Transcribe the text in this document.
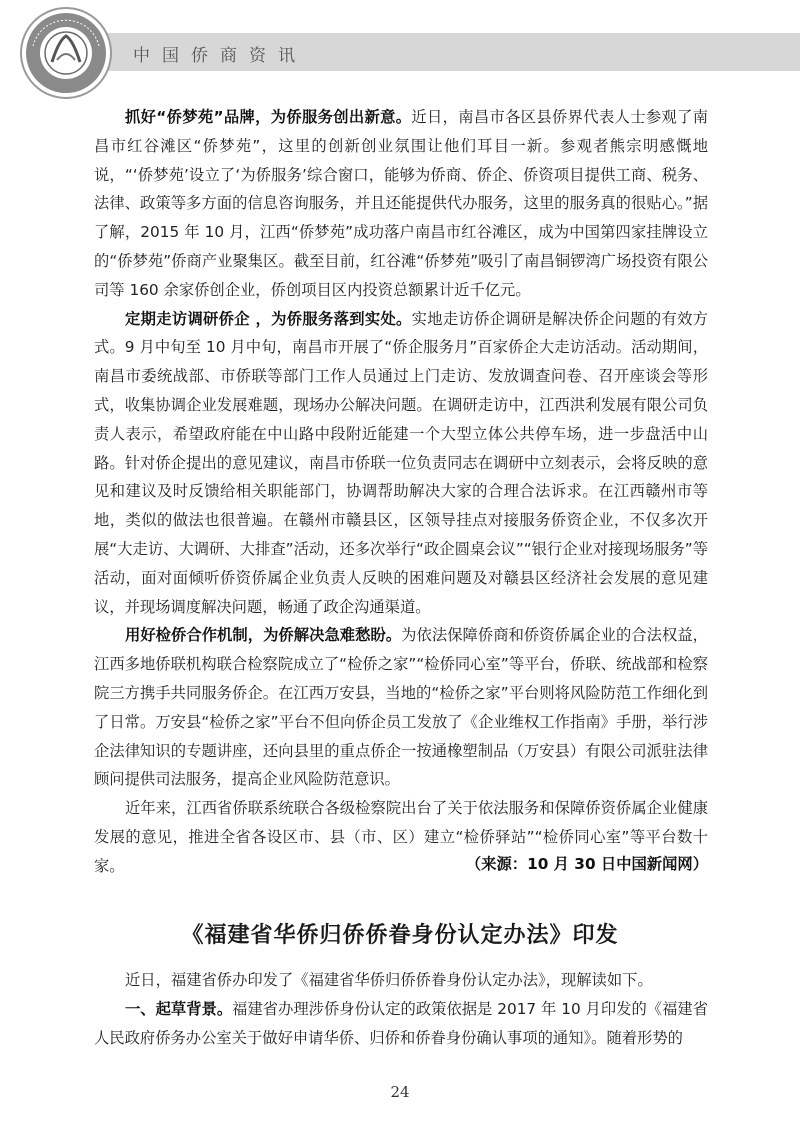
中国侨商资讯

抓好“侨梦苑”品牌，为侨服务创出新意。近日，南昌市各区县侨界代表人士参观了南昌市红谷滩区“侨梦苑”，这里的创新创业氛围让他们耳目一新。参观者熊宗明感慨地说，“‘侨梦苑’设立了‘为侨服务’综合窗口，能够为侨商、侨企、侨资项目提供工商、税务、法律、政策等多方面的信息咨询服务，并且还能提供代办服务，这里的服务真的很贴心。”据了解，2015 年 10 月，江西“侨梦苑”成功落户南昌市红谷滩区，成为中国第四家挂牌设立的“侨梦苑”侨商产业聚集区。截至目前，红谷滩“侨梦苑”吸引了南昌铜锣湾广场投资有限公司等 160 余家侨创企业，侨创项目区内投资总额累计近千亿元。

定期走访调研侨企 ，为侨服务落到实处。实地走访侨企调研是解决侨企问题的有效方式。9 月中旬至 10 月中旬，南昌市开展了“侨企服务月”百家侨企大走访活动。活动期间，南昌市委统战部、市侨联等部门工作人员通过上门走访、发放调查问卷、召开座谈会等形式，收集协调企业发展难题，现场办公解决问题。在调研走访中，江西洪利发展有限公司负责人表示，希望政府能在中山路中段附近能建一个大型立体公共停车场，进一步盘活中山路。针对侨企提出的意见建议，南昌市侨联一位负责同志在调研中立刻表示，会将反映的意见和建议及时反馈给相关职能部门，协调帮助解决大家的合理合法诉求。在江西赣州市等地，类似的做法也很普遍。在赣州市赣县区，区领导挂点对接服务侨资企业，不仅多次开展“大走访、大调研、大排查”活动，还多次举行“政企圆桌会议”“银行企业对接现场服务”等活动，面对面倾听侨资侨属企业负责人反映的困难问题及对赣县区经济社会发展的意见建议，并现场调度解决问题，畅通了政企沟通渠道。

用好检侨合作机制，为侨解决急难愁盼。为依法保障侨商和侨资侨属企业的合法权益，江西多地侨联机构联合检察院成立了“检侨之家”“检侨同心室”等平台，侨联、统战部和检察院三方携手共同服务侨企。在江西万安县，当地的“检侨之家”平台则将风险防范工作细化到了日常。万安县“检侨之家”平台不但向侨企员工发放了《企业维权工作指南》手册，举行涉企法律知识的专题讲座，还向县里的重点侨企一按通橡塑制品（万安县）有限公司派驻法律顾问提供司法服务，提高企业风险防范意识。

近年来，江西省侨联系统联合各级检察院出台了关于依法服务和保障侨资侨属企业健康发展的意见，推进全省各设区市、县（市、区）建立“检侨驿站”“检侨同心室”等平台数十家。	（来源：10 月 30 日中国新闻网）
《福建省华侨归侨侨眷身份认定办法》印发

近日，福建省侨办印发了《福建省华侨归侨侨眷身份认定办法》，现解读如下。

一、起草背景。福建省办理涉侨身份认定的政策依据是 2017 年 10 月印发的《福建省人民政府侨务办公室关于做好申请华侨、归侨和侨眷身份确认事项的通知》。随着形势的

24
